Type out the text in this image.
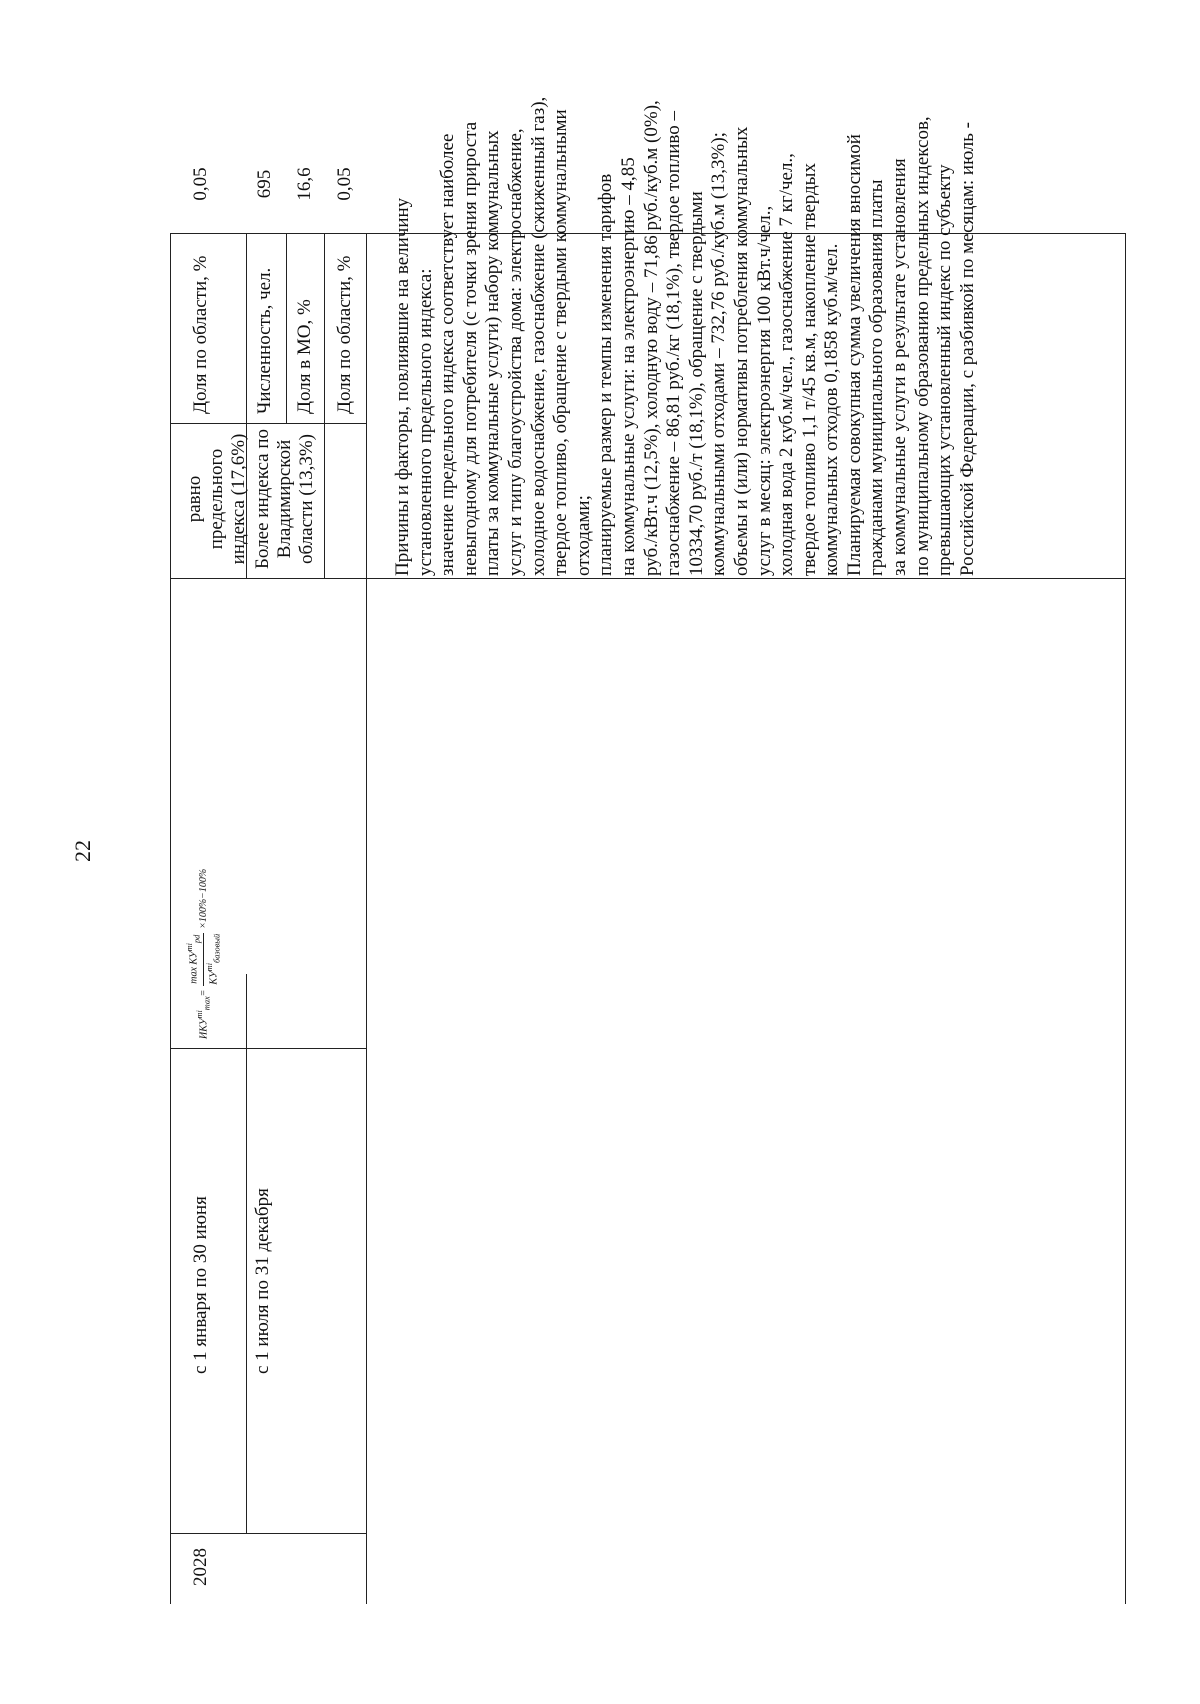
22
2028
с 1 января по 30 июня с 1 июля по 31 декабря
$ИКУ^{mi}_{max}=$
$\max КУ^{mi}_{pd}$
$КУ^{mi}_{базовый}$
×100%−100%
равно предельного индекса (17,6%) Более индекса по Владимирской области (13,3%)
Доля по области, % Численность, чел. Доля в МО, % Доля по области, %
0,05 695 16,6 0,05
Причины и факторы, повлиявшие на величину установленного предельного индекса: значение предельного индекса соответствует наиболее невыгодному для потребителя (с точки зрения прироста платы за коммунальные услуги) набору коммунальных услуг и типу благоустройства дома: электроснабжение, холодное водоснабжение, газоснабжение (сжиженный газ), твердое топливо, обращение с твердыми коммунальными отходами; планируемые размер и темпы изменения тарифов на коммунальные услуги: на электроэнергию – 4,85 руб./кВт.ч (12,5%), холодную воду – 71,86 руб./куб.м (0%), газоснабжение – 86,81 руб./кг (18,1%), твердое топливо – 10334,70 руб./т (18,1%), обращение с твердыми коммунальными отходами – 732,76 руб./куб.м (13,3%); объемы и (или) нормативы потребления коммунальных услуг в месяц: электроэнергия 100 кВт.ч/чел., холодная вода 2 куб.м/чел., газоснабжение 7 кг/чел., твердое топливо 1,1 т/45 кв.м, накопление твердых коммунальных отходов 0,1858 куб.м/чел. Планируемая совокупная сумма увеличения вносимой гражданами муниципального образования платы за коммунальные услуги в результате установления по муниципальному образованию предельных индексов, превышающих установленный индекс по субъекту Российской Федерации, с разбивкой по месяцам: июль -
